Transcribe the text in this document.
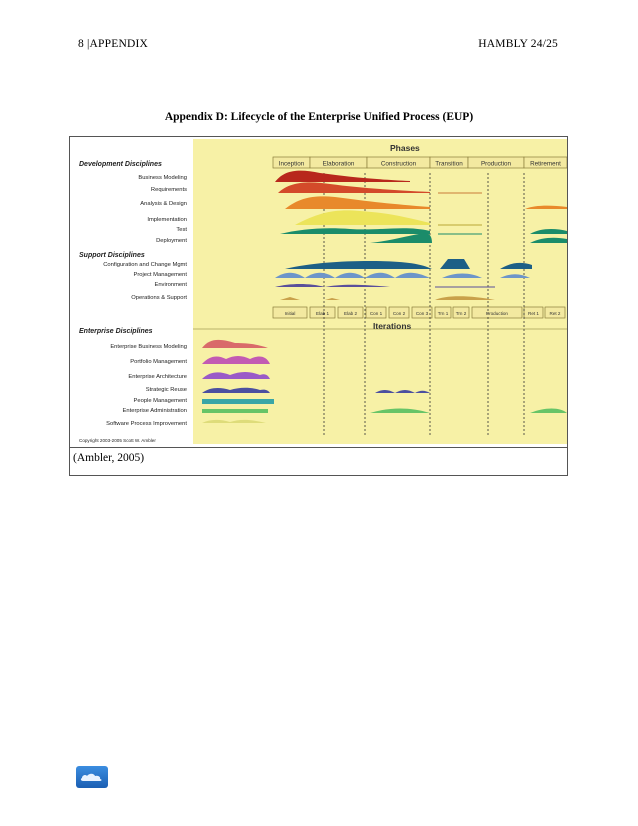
8 |APPENDIX	HAMBLY 24/25
Appendix D: Lifecycle of the Enterprise Unified Process (EUP)
Phases
Inception	Elaboration	Construction	Transition	Production	Retirement
Initial	Elab 1	Elab 2	Con 1 Con 2 Con 3 Trn 1 Trn 2	Production	Ret 1 Ret 2
Iterations
Development Disciplines
Business Modeling
Requirements
Analysis & Design
Implementation
Test
Deployment
Support Disciplines
Configuration and Change Mgmt
Project Management
Environment
Operations & Support
Enterprise Disciplines
Enterprise Business Modeling
Portfolio Management
Enterprise Architecture
Strategic Reuse
People Management
Enterprise Administration
Software Process Improvement
Copyright 2003-2005 Scott W. Ambler
(Ambler, 2005)
